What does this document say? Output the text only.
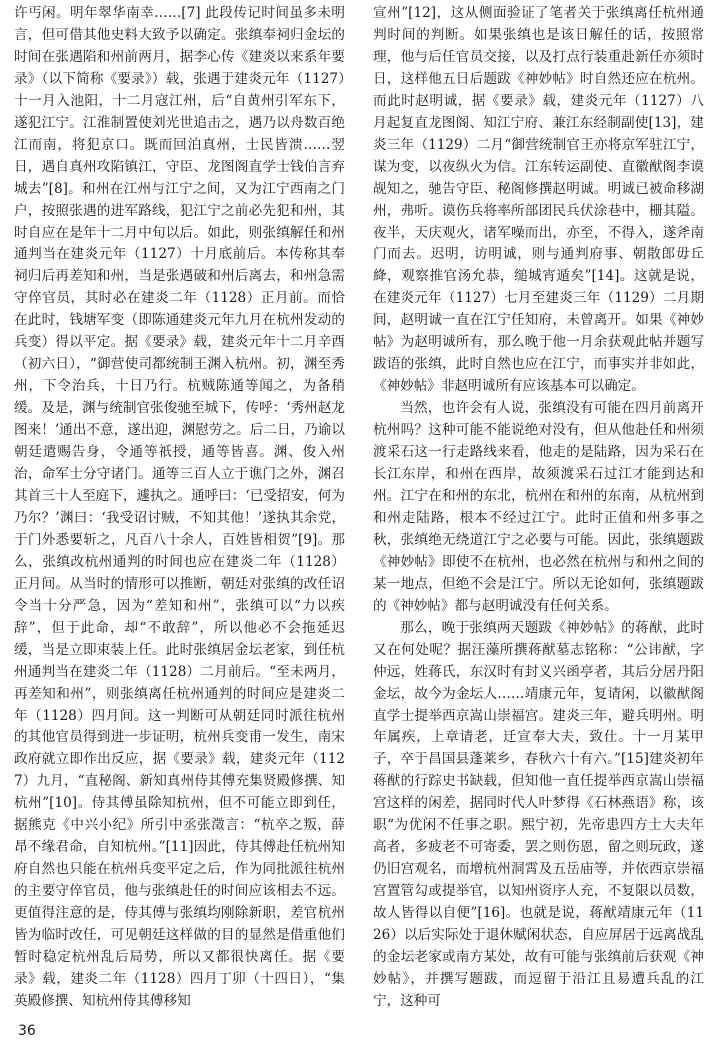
许丐闲。明年翠华南幸……[7] 此段传记时间虽多未明言，但可借其他史料大致予以确定。张缜奉祠归金坛的时间在张遇陷和州前两月，据李心传《建炎以来系年要录》（以下简称《要录》）载，张遇于建炎元年（1127）十一月入池阳，十二月寇江州，后“自黄州引军东下，遂犯江宁。江淮制置使刘光世追击之，遇乃以舟数百绝江而南，将犯京口。既而回泊真州，士民皆溃……翌日，遇自真州攻陷镇江，守臣、龙图阁直学士钱伯言弃城去”[8]。和州在江州与江宁之间，又为江宁西南之门户，按照张遇的进军路线，犯江宁之前必先犯和州，其时自应在是年十二月中旬以后。如此，则张缜解任和州通判当在建炎元年（1127）十月底前后。本传称其奉祠归后再差知和州，当是张遇破和州后离去，和州急需守倅官员，其时必在建炎二年（1128）正月前。而恰在此时，钱塘军变（即陈通建炎元年九月在杭州发动的兵变）得以平定。据《要录》载，建炎元年十二月辛酉（初六日），“御营使司都统制王渊入杭州。初，渊至秀州，下令治兵，十日乃行。杭贼陈通等闻之，为备稍缓。及是，渊与统制官张俊驰至城下，传呼：‘秀州赵龙图来！’通出不意，遂出迎，渊慰劳之。后二日，乃谕以朝廷遣赐告身，令通等祇授，通等皆喜。渊、俊入州治，命军士分守诸门。通等三百人立于谯门之外，渊召其首三十人至庭下，遽执之。通呼曰：‘已受招安，何为乃尔？’渊曰：‘我受诏讨贼，不知其他！’遂执其余党，于门外悉要斩之，凡百八十余人，百姓皆相贺”[9]。那么，张缜改杭州通判的时间也应在建炎二年（1128）正月间。从当时的情形可以推断，朝廷对张缜的改任诏令当十分严急，因为“差知和州”，张缜可以“力以疾辞”，但于此命，却“不敢辞”，所以他必不会拖延迟缓，当是立即束装上任。此时张缜居金坛老家，到任杭州通判当在建炎二年（1128）二月前后。“至未两月，再差知和州”，则张缜离任杭州通判的时间应是建炎二年（1128）四月间。这一判断可从朝廷同时派往杭州的其他官员得到进一步证明，杭州兵变甫一发生，南宋政府就立即作出反应，据《要录》载，建炎元年（1127）九月，“直秘阁、新知真州侍其傅充集贤殿修撰、知杭州”[10]。侍其傅虽除知杭州，但不可能立即到任，据熊克《中兴小纪》所引中丞张澂言：“杭卒之叛，薛昂不缘君命，自知杭州。”[11]因此，侍其傅赴任杭州知府自然也只能在杭州兵变平定之后，作为同批派往杭州的主要守倅官员，他与张缜赴任的时间应该相去不远。更值得注意的是，侍其傅与张缜均刚除新职，差官杭州皆为临时改任，可见朝廷这样做的目的显然是借重他们暂时稳定杭州乱后局势，所以又都很快离任。据《要录》载，建炎二年（1128）四月丁卯（十四日），“集英殿修撰、知杭州侍其傅移知

宣州”[12]，这从侧面验证了笔者关于张缜离任杭州通判时间的判断。如果张缜也是该日解任的话，按照常理，他与后任官员交接，以及打点行装重赴新任亦须时日，这样他五日后题跋《神妙帖》时自然还应在杭州。而此时赵明诚，据《要录》载，建炎元年（1127）八月起复直龙图阁、知江宁府、兼江东经制副使[13]，建炎三年（1129）二月“御营统制官王亦将京军驻江宁，谋为变，以夜纵火为信。江东转运副使、直徽猷阁李谟觇知之，驰告守臣、秘阁修撰赵明诚。明诚已被命移湖州，弗听。谟伤兵将率所部团民兵伏涂巷中，栅其隘。夜半，天庆观火，诸军噪而出，亦至，不得入，遂斧南门而去。迟明，访明诚，则与通判府事、朝散郎毋丘絳，观察推官汤允恭，缒城宵遁矣”[14]。这就是说，在建炎元年（1127）七月至建炎三年（1129）二月期间，赵明诚一直在江宁任知府，未曾离开。如果《神妙帖》为赵明诚所有，那么晚于他一月余获观此帖并题写跋语的张缜，此时自然也应在江宁，而事实并非如此，《神妙帖》非赵明诚所有应该基本可以确定。

当然，也许会有人说，张缜没有可能在四月前离开杭州吗？这种可能不能说绝对没有，但从他赴任和州须渡采石这一行走路线来看，他走的是陆路，因为采石在长江东岸，和州在西岸，故须渡采石过江才能到达和州。江宁在和州的东北，杭州在和州的东南，从杭州到和州走陆路，根本不经过江宁。此时正值和州多事之秋，张缜绝无绕道江宁之必要与可能。因此，张缜题跋《神妙帖》即使不在杭州，也必然在杭州与和州之间的某一地点，但绝不会是江宁。所以无论如何，张缜题跋的《神妙帖》都与赵明诚没有任何关系。

那么，晚于张缜两天题跋《神妙帖》的蒋猷，此时又在何处呢？据汪藻所撰蒋猷墓志铭称：“公讳猷，字仲远，姓蒋氏，东汉时有封义兴函亭者，其后分居丹阳金坛，故今为金坛人……靖康元年，复请闲，以徽猷阁直学士提举西京嵩山崇福宫。建炎三年，避兵明州。明年属疾，上章请老，迁宣奉大夫，致仕。十一月某甲子，卒于昌国县蓬莱乡，春秋六十有六。”[15]建炎初年蒋猷的行踪史书缺载，但知他一直任提举西京嵩山崇福宫这样的闲差，据同时代人叶梦得《石林燕语》称，该职“为优闲不任事之职。熙宁初，先帝患四方士大夫年高者，多疲老不可寄委，罢之则伤恩，留之则玩政，遂仍旧宫观名，而增杭州洞霄及五岳庙等，并依西京崇福宫置管勾或提举官，以知州资序人充，不复限以员数，故人皆得以自便”[16]。也就是说，蒋猷靖康元年（1126）以后实际处于退休赋闲状态，自应屏居于远离战乱的金坛老家或南方某处，故有可能与张缜前后获观《神妙帖》，并撰写题跋，而逗留于沿江且易遭兵乱的江宁，这种可

36
